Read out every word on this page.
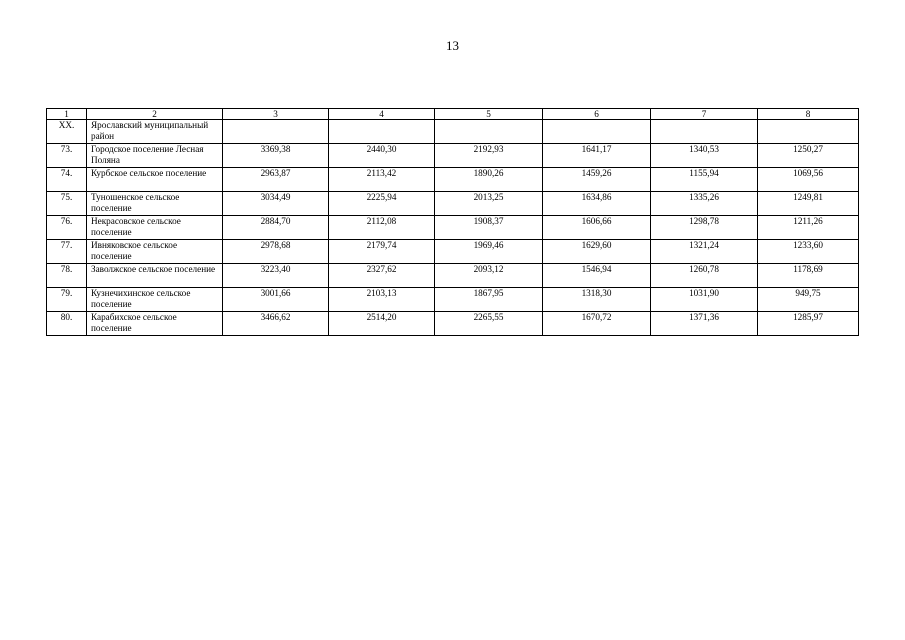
13
1	2	3	4	5	6	7	8
XX.	Ярославский муниципальный район						
73.	Городское поселение Лесная Поляна	3369,38	2440,30	2192,93	1641,17	1340,53	1250,27
74.	Курбское сельское поселение	2963,87	2113,42	1890,26	1459,26	1155,94	1069,56
75.	Туношенское сельское поселение	3034,49	2225,94	2013,25	1634,86	1335,26	1249,81
76.	Некрасовское сельское поселение	2884,70	2112,08	1908,37	1606,66	1298,78	1211,26
77.	Ивняковское сельское поселение	2978,68	2179,74	1969,46	1629,60	1321,24	1233,60
78.	Заволжское сельское поселение	3223,40	2327,62	2093,12	1546,94	1260,78	1178,69
79.	Кузнечихинское сельское поселение	3001,66	2103,13	1867,95	1318,30	1031,90	949,75
80.	Карабихское сельское поселение	3466,62	2514,20	2265,55	1670,72	1371,36	1285,97
